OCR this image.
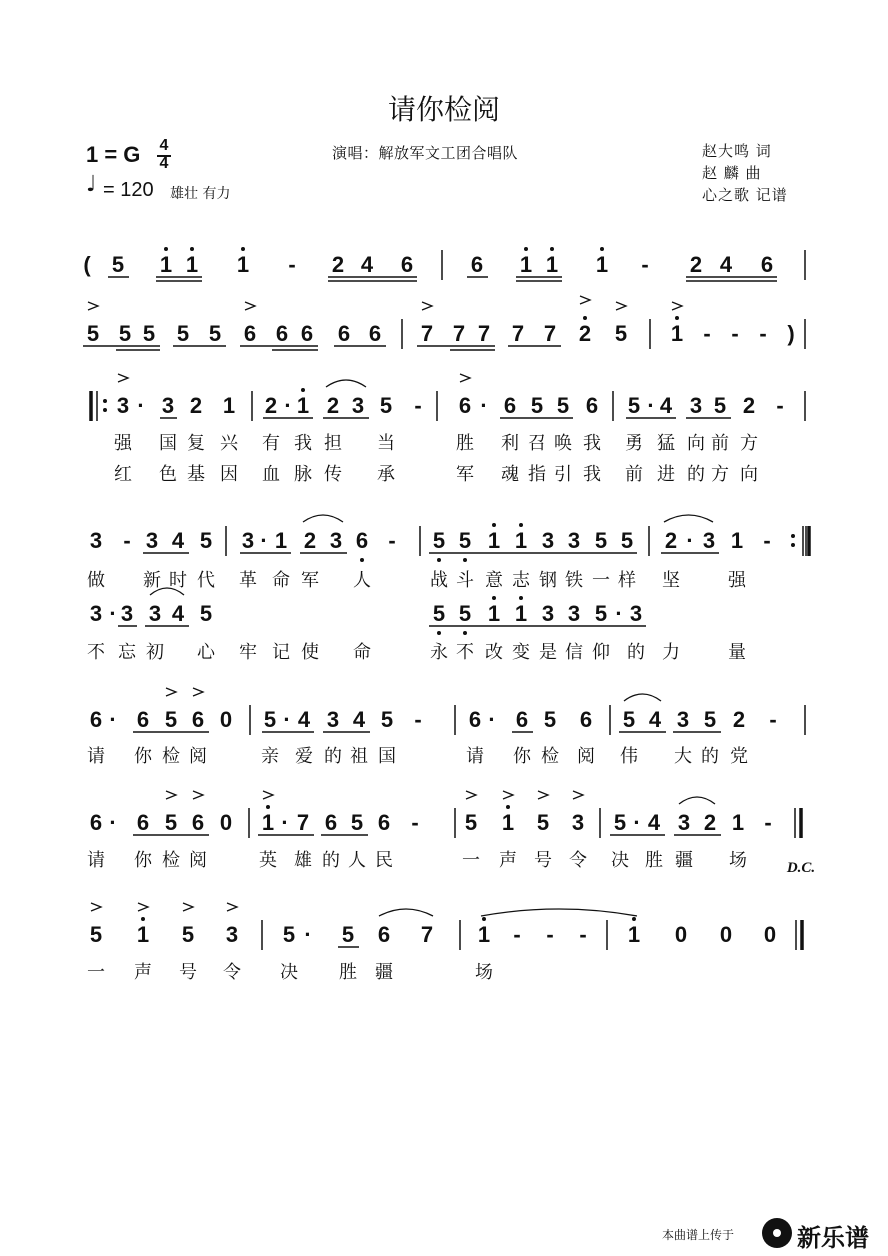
请你检阅
1 = G 4
4
♩ = 120 雄壮 有力
演唱：解放军文工团合唱队	赵大鸣 词
赵 麟 曲
心之歌 记谱
( 5 1 1 1 - 2 4 6	6 1 1 1 - 2 4 6
5 5 5 5 5 6 6 6 6 6 7 7 7 7 7 2 5 1 - - - )
3 · 3 2 1 2 · 1 2 3 5 - 6 · 6 5 5 6 5 · 4 3 5 2 -
强 国 复 兴 有 我 担 当	胜 利 召 唤 我 勇 猛 向 前 方
红 色 基 因 血 脉 传 承	军 魂 指 引 我 前 进 的 方 向
3 - 3 4 5 3 · 1 2 3 6 - 5 5 1 1 3 3 5 5 2 · 3 1 -
做 新 时 代 革 命 军 人	战 斗 意 志 钢 铁 一 样 坚	强
3 · 3 3 4 5	5 5 1 1 3 3 5 · 3
不 忘 初 心 牢 记 使 命	永 不 改 变 是 信 仰 的 力	量
6 · 6 5 6 0 5 · 4 3 4 5 - 6 · 6 5 6 5 4 3 5 2 -
请 你 检 阅	亲 爱 的 祖 国	请 你 检 阅 伟 大 的 党
6 · 6 5 6 0 1 · 7 6 5 6 - 5 1 5 3 5 · 4 3 2 1 -
请 你 检 阅	英 雄 的 人 民	一 声 号 令 决 胜 疆 场
5 1 5 3 5 · 5 6 7 1 - - - 1 0 0 0
一 声 号 令 决 胜 疆	场
D.C.
本曲谱上传于	新乐谱
